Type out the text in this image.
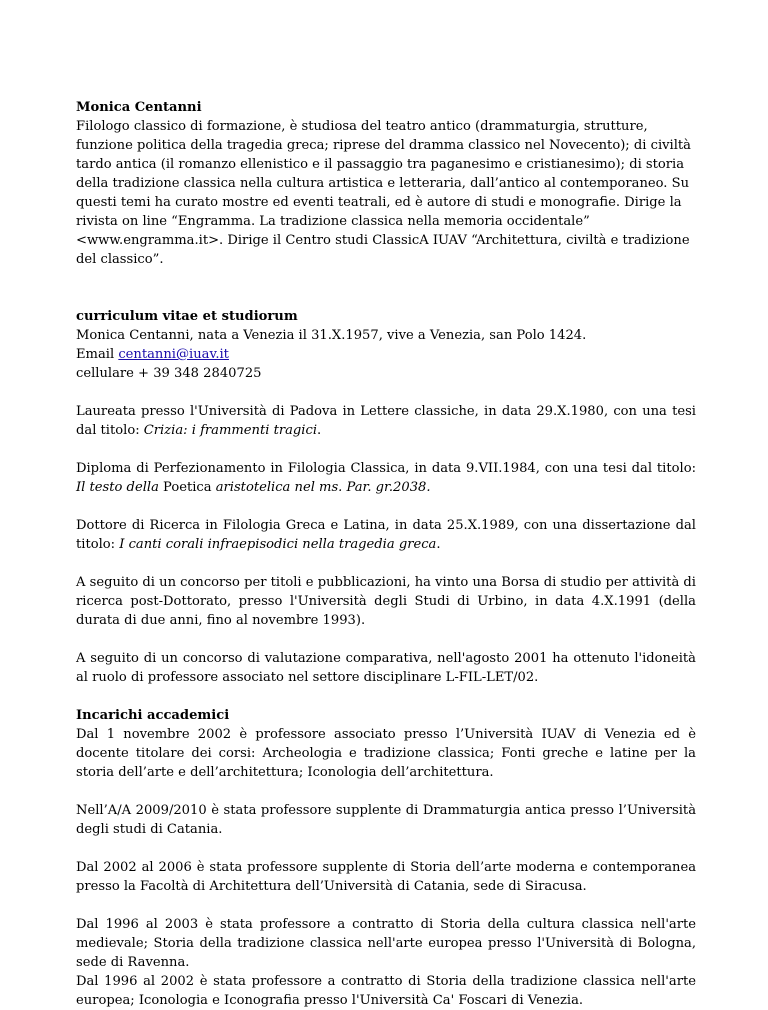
Monica Centanni

Filologo classico di formazione, è studiosa del teatro antico (drammaturgia, strutture, funzione politica della tragedia greca; riprese del dramma classico nel Novecento); di civiltà tardo antica (il romanzo ellenistico e il passaggio tra paganesimo e cristianesimo); di storia della tradizione classica nella cultura artistica e letteraria, dall’antico al contemporaneo. Su questi temi ha curato mostre ed eventi teatrali, ed è autore di studi e monografie. Dirige la rivista on line “Engramma. La tradizione classica nella memoria occidentale” <www.engramma.it>. Dirige il Centro studi ClassicA IUAV “Architettura, civiltà e tradizione del classico”.

curriculum vitae et studiorum

Monica Centanni, nata a Venezia il 31.X.1957, vive a Venezia, san Polo 1424.

Email centanni@iuav.it

cellulare + 39 348 2840725

Laureata presso l'Università di Padova in Lettere classiche, in data 29.X.1980, con una tesi dal titolo: Crizia: i frammenti tragici.

Diploma di Perfezionamento in Filologia Classica, in data 9.VII.1984, con una tesi dal titolo: Il testo della Poetica aristotelica nel ms. Par. gr.2038.

Dottore di Ricerca in Filologia Greca e Latina, in data 25.X.1989, con una dissertazione dal titolo: I canti corali infraepisodici nella tragedia greca.

A seguito di un concorso per titoli e pubblicazioni, ha vinto una Borsa di studio per attività di ricerca post-Dottorato, presso l'Università degli Studi di Urbino, in data 4.X.1991 (della durata di due anni, fino al novembre 1993).

A seguito di un concorso di valutazione comparativa, nell'agosto 2001 ha ottenuto l'idoneità al ruolo di professore associato nel settore disciplinare L-FIL-LET/02.

Incarichi accademici

Dal 1 novembre 2002 è professore associato presso l’Università IUAV di Venezia ed è docente titolare dei corsi: Archeologia e tradizione classica; Fonti greche e latine per la storia dell’arte e dell’architettura; Iconologia dell’architettura.

Nell’A/A 2009/2010 è stata professore supplente di Drammaturgia antica presso l’Università degli studi di Catania.

Dal 2002 al 2006 è stata professore supplente di Storia dell’arte moderna e contemporanea presso la Facoltà di Architettura dell’Università di Catania, sede di Siracusa.

Dal 1996 al 2003 è stata professore a contratto di Storia della cultura classica nell'arte medievale; Storia della tradizione classica nell'arte europea presso l'Università di Bologna, sede di Ravenna.

Dal 1996 al 2002 è stata professore a contratto di Storia della tradizione classica nell'arte europea; Iconologia e Iconografia presso l'Università Ca' Foscari di Venezia.
